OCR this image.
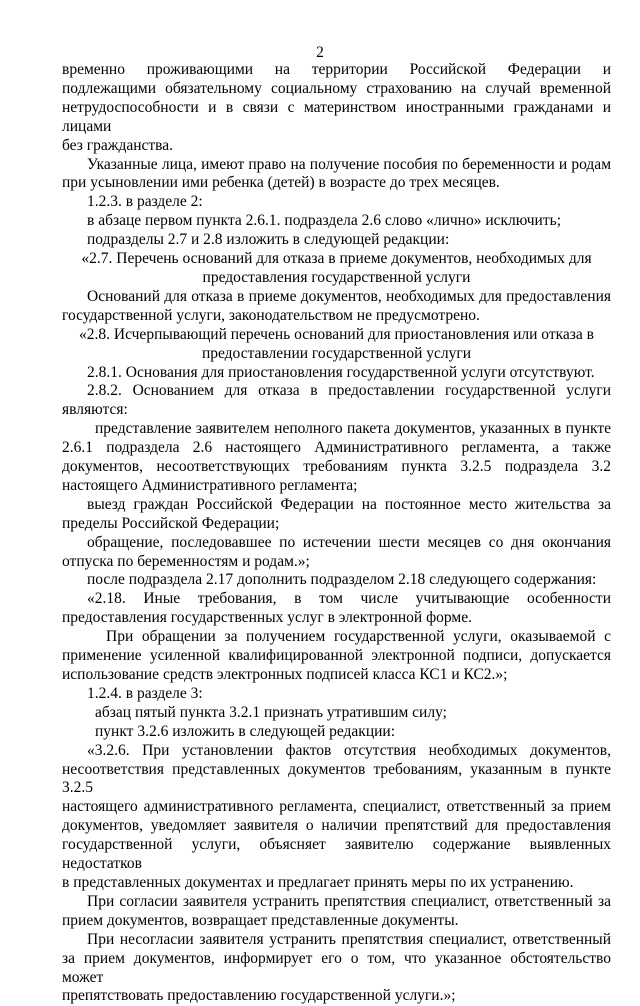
2
временно проживающими на территории Российской Федерации и
подлежащими обязательному социальному страхованию на случай временной
нетрудоспособности и в связи с материнством иностранными гражданами и лицами
без гражданства.
Указанные лица, имеют право на получение пособия по беременности и родам
при усыновлении ими ребенка (детей) в возрасте до трех месяцев.
1.2.3. в разделе 2:
в абзаце первом пункта 2.6.1. подраздела 2.6 слово «лично» исключить;
подразделы 2.7 и 2.8 изложить в следующей редакции:
«2.7. Перечень оснований для отказа в приеме документов, необходимых для
предоставления государственной услуги
Оснований для отказа в приеме документов, необходимых для предоставления
государственной услуги, законодательством не предусмотрено.
«2.8. Исчерпывающий перечень оснований для приостановления или отказа в
предоставлении государственной услуги
2.8.1. Основания для приостановления государственной услуги отсутствуют.
2.8.2. Основанием для отказа в предоставлении государственной услуги
являются:
представление заявителем неполного пакета документов, указанных в пункте
2.6.1 подраздела 2.6 настоящего Административного регламента, а также
документов, несоответствующих требованиям пункта 3.2.5 подраздела 3.2
настоящего Административного регламента;
выезд граждан Российской Федерации на постоянное место жительства за
пределы Российской Федерации;
обращение, последовавшее по истечении шести месяцев со дня окончания
отпуска по беременностям и родам.»;
после подраздела 2.17 дополнить подразделом 2.18 следующего содержания:
«2.18. Иные требования, в том числе учитывающие особенности
предоставления государственных услуг в электронной форме.
При обращении за получением государственной услуги, оказываемой с
применение усиленной квалифицированной электронной подписи, допускается
использование средств электронных подписей класса КС1 и КС2.»;
1.2.4. в разделе 3:
абзац пятый пункта 3.2.1 признать утратившим силу;
пункт 3.2.6 изложить в следующей редакции:
«3.2.6. При установлении фактов отсутствия необходимых документов,
несоответствия представленных документов требованиям, указанным в пункте 3.2.5
настоящего административного регламента, специалист, ответственный за прием
документов, уведомляет заявителя о наличии препятствий для предоставления
государственной услуги, объясняет заявителю содержание выявленных недостатков
в представленных документах и предлагает принять меры по их устранению.
При согласии заявителя устранить препятствия специалист, ответственный за
прием документов, возвращает представленные документы.
При несогласии заявителя устранить препятствия специалист, ответственный
за прием документов, информирует его о том, что указанное обстоятельство может
препятствовать предоставлению государственной услуги.»;
